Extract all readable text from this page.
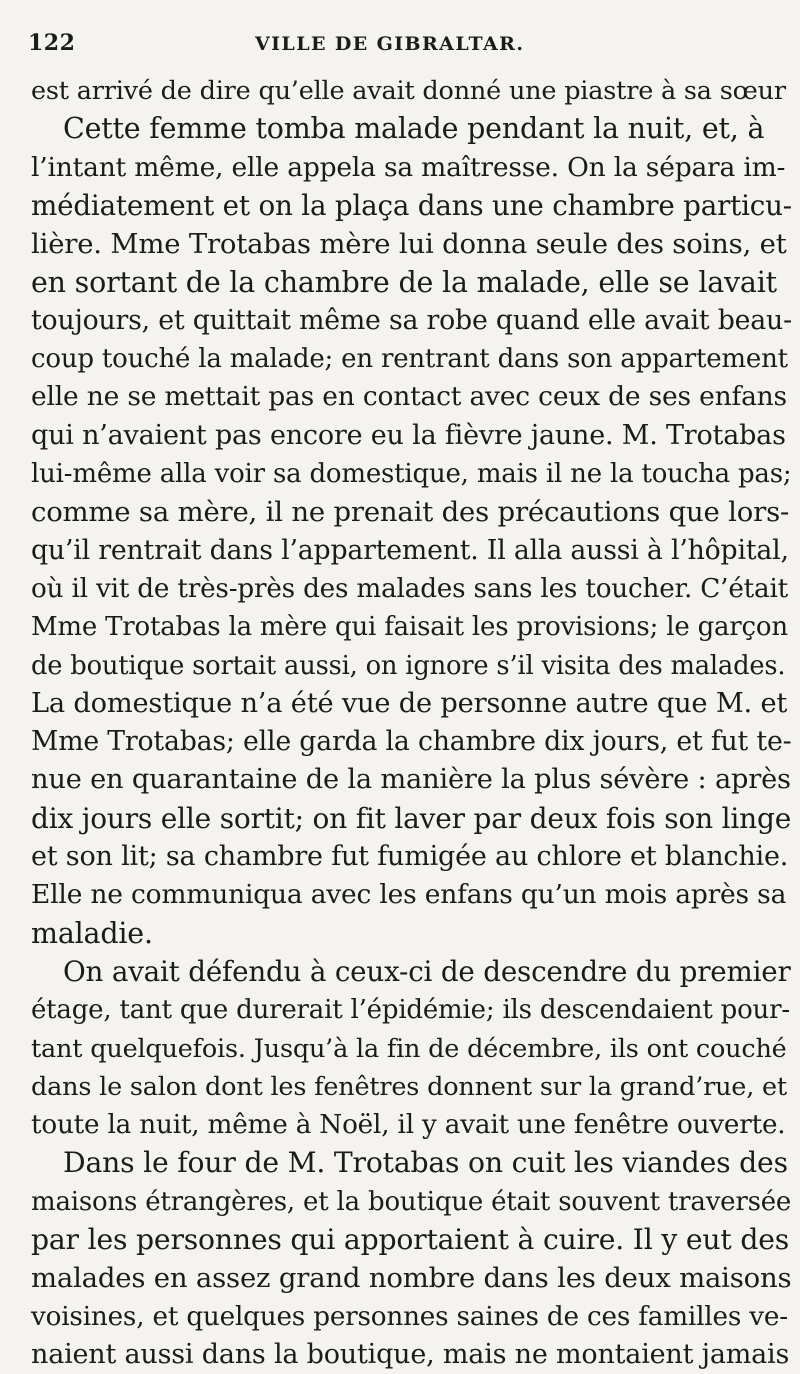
122	VILLE DE GIBRALTAR.
est arrivé de dire qu’elle avait donné une piastre à sa sœur
Cette femme tomba malade pendant la nuit, et, à
l’intant même, elle appela sa maîtresse. On la sépara im-
médiatement et on la plaça dans une chambre particu-
lière. Mme Trotabas mère lui donna seule des soins, et
en sortant de la chambre de la malade, elle se lavait
toujours, et quittait même sa robe quand elle avait beau-
coup touché la malade; en rentrant dans son appartement
elle ne se mettait pas en contact avec ceux de ses enfans
qui n’avaient pas encore eu la fièvre jaune. M. Trotabas
lui-même alla voir sa domestique, mais il ne la toucha pas;
comme sa mère, il ne prenait des précautions que lors-
qu’il rentrait dans l’appartement. Il alla aussi à l’hôpital,
où il vit de très-près des malades sans les toucher. C’était
Mme Trotabas la mère qui faisait les provisions; le garçon
de boutique sortait aussi, on ignore s’il visita des malades.
La domestique n’a été vue de personne autre que M. et
Mme Trotabas; elle garda la chambre dix jours, et fut te-
nue en quarantaine de la manière la plus sévère : après
dix jours elle sortit; on fit laver par deux fois son linge
et son lit; sa chambre fut fumigée au chlore et blanchie.
Elle ne communiqua avec les enfans qu’un mois après sa
maladie.
On avait défendu à ceux-ci de descendre du premier
étage, tant que durerait l’épidémie; ils descendaient pour-
tant quelquefois. Jusqu’à la fin de décembre, ils ont couché
dans le salon dont les fenêtres donnent sur la grand’rue, et
toute la nuit, même à Noël, il y avait une fenêtre ouverte.
Dans le four de M. Trotabas on cuit les viandes des
maisons étrangères, et la boutique était souvent traversée
par les personnes qui apportaient à cuire. Il y eut des
malades en assez grand nombre dans les deux maisons
voisines, et quelques personnes saines de ces familles ve-
naient aussi dans la boutique, mais ne montaient jamais
